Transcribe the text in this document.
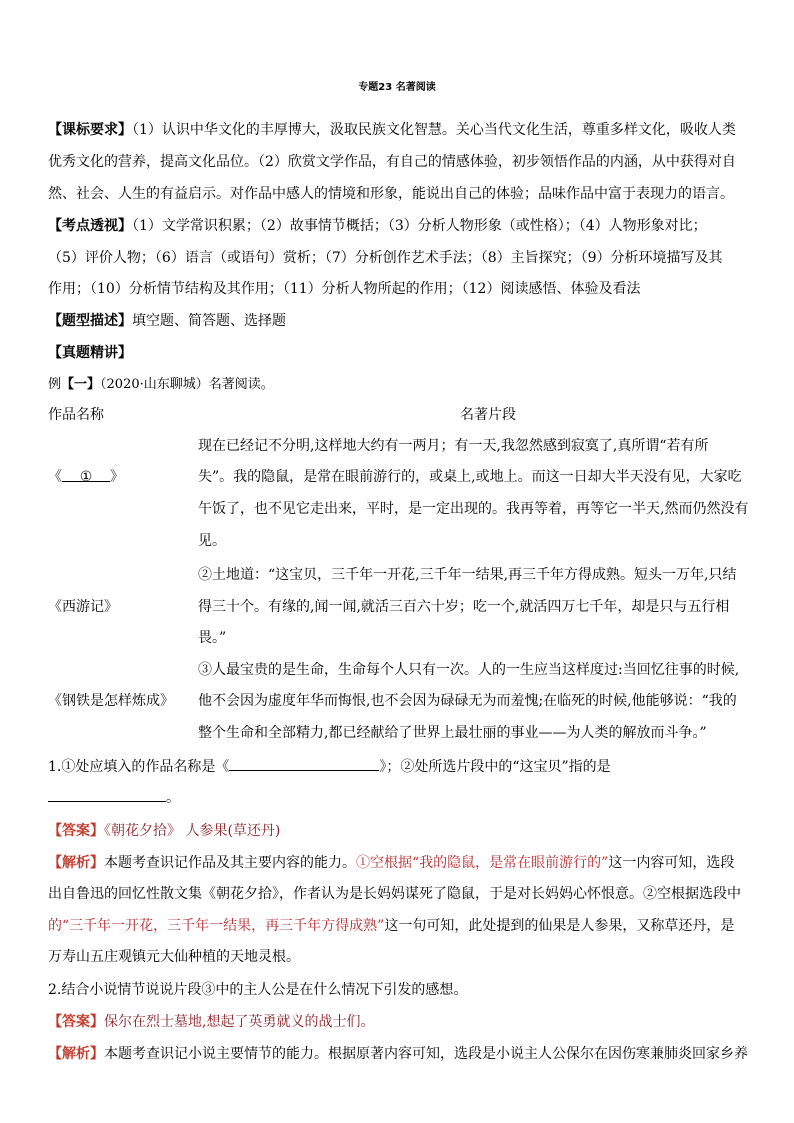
专题23 名著阅读
【课标要求】（1）认识中华文化的丰厚博大，汲取民族文化智慧。关心当代文化生活，尊重多样文化，吸收人类
优秀文化的营养，提高文化品位。（2）欣赏文学作品，有自己的情感体验，初步领悟作品的内涵，从中获得对自
然、社会、人生的有益启示。对作品中感人的情境和形象，能说出自己的体验；品味作品中富于表现力的语言。
【考点透视】（1）文学常识积累；（2）故事情节概括；（3）分析人物形象（或性格）；（4）人物形象对比；
（5）评价人物；（6）语言（或语句）赏析；（7）分析创作艺术手法；（8）主旨探究；（9）分析环境描写及其
作用；（10）分析情节结构及其作用；（11）分析人物所起的作用；（12）阅读感悟、体验及看法
【题型描述】填空题、简答题、选择题
【真题精讲】
例【一】（2020·山东聊城）名著阅读。
作品名称	名著片段
《 ① 》
现在已经记不分明,这样地大约有一两月；有一天,我忽然感到寂寞了,真所谓“若有所
失”。我的隐鼠，是常在眼前游行的，或桌上,或地上。而这一日却大半天没有见，大家吃
午饭了，也不见它走出来，平时，是一定出现的。我再等着，再等它一半天,然而仍然没有
见。
《西游记》
②土地道：“这宝贝，三千年一开花,三千年一结果,再三千年方得成熟。短头一万年,只结
得三十个。有缘的,闻一闻,就活三百六十岁；吃一个,就活四万七千年，却是只与五行相
畏。”
《钢铁是怎样炼成》
③人最宝贵的是生命，生命每个人只有一次。人的一生应当这样度过:当回忆往事的时候,
他不会因为虚度年华而悔恨,也不会因为碌碌无为而羞愧;在临死的时候,他能够说：“我的
整个生命和全部精力,都已经献给了世界上最壮丽的事业——为人类的解放而斗争。”
1.①处应填入的作品名称是《	》；②处所选片段中的“这宝贝”指的是
。
【答案】《朝花夕拾》 人参果(草还丹)
【解析】本题考查识记作品及其主要内容的能力。①空根据“我的隐鼠，是常在眼前游行的”这一内容可知，选段
出自鲁迅的回忆性散文集《朝花夕拾》，作者认为是长妈妈谋死了隐鼠，于是对长妈妈心怀恨意。②空根据选段中
的“三千年一开花，三千年一结果，再三千年方得成熟”这一句可知，此处提到的仙果是人参果，又称草还丹，是
万寿山五庄观镇元大仙种植的天地灵根。
2.结合小说情节说说片段③中的主人公是在什么情况下引发的感想。
【答案】保尔在烈士墓地,想起了英勇就义的战士们。
【解析】本题考查识记小说主要情节的能力。根据原著内容可知，选段是小说主人公保尔在因伤寒兼肺炎回家乡养
